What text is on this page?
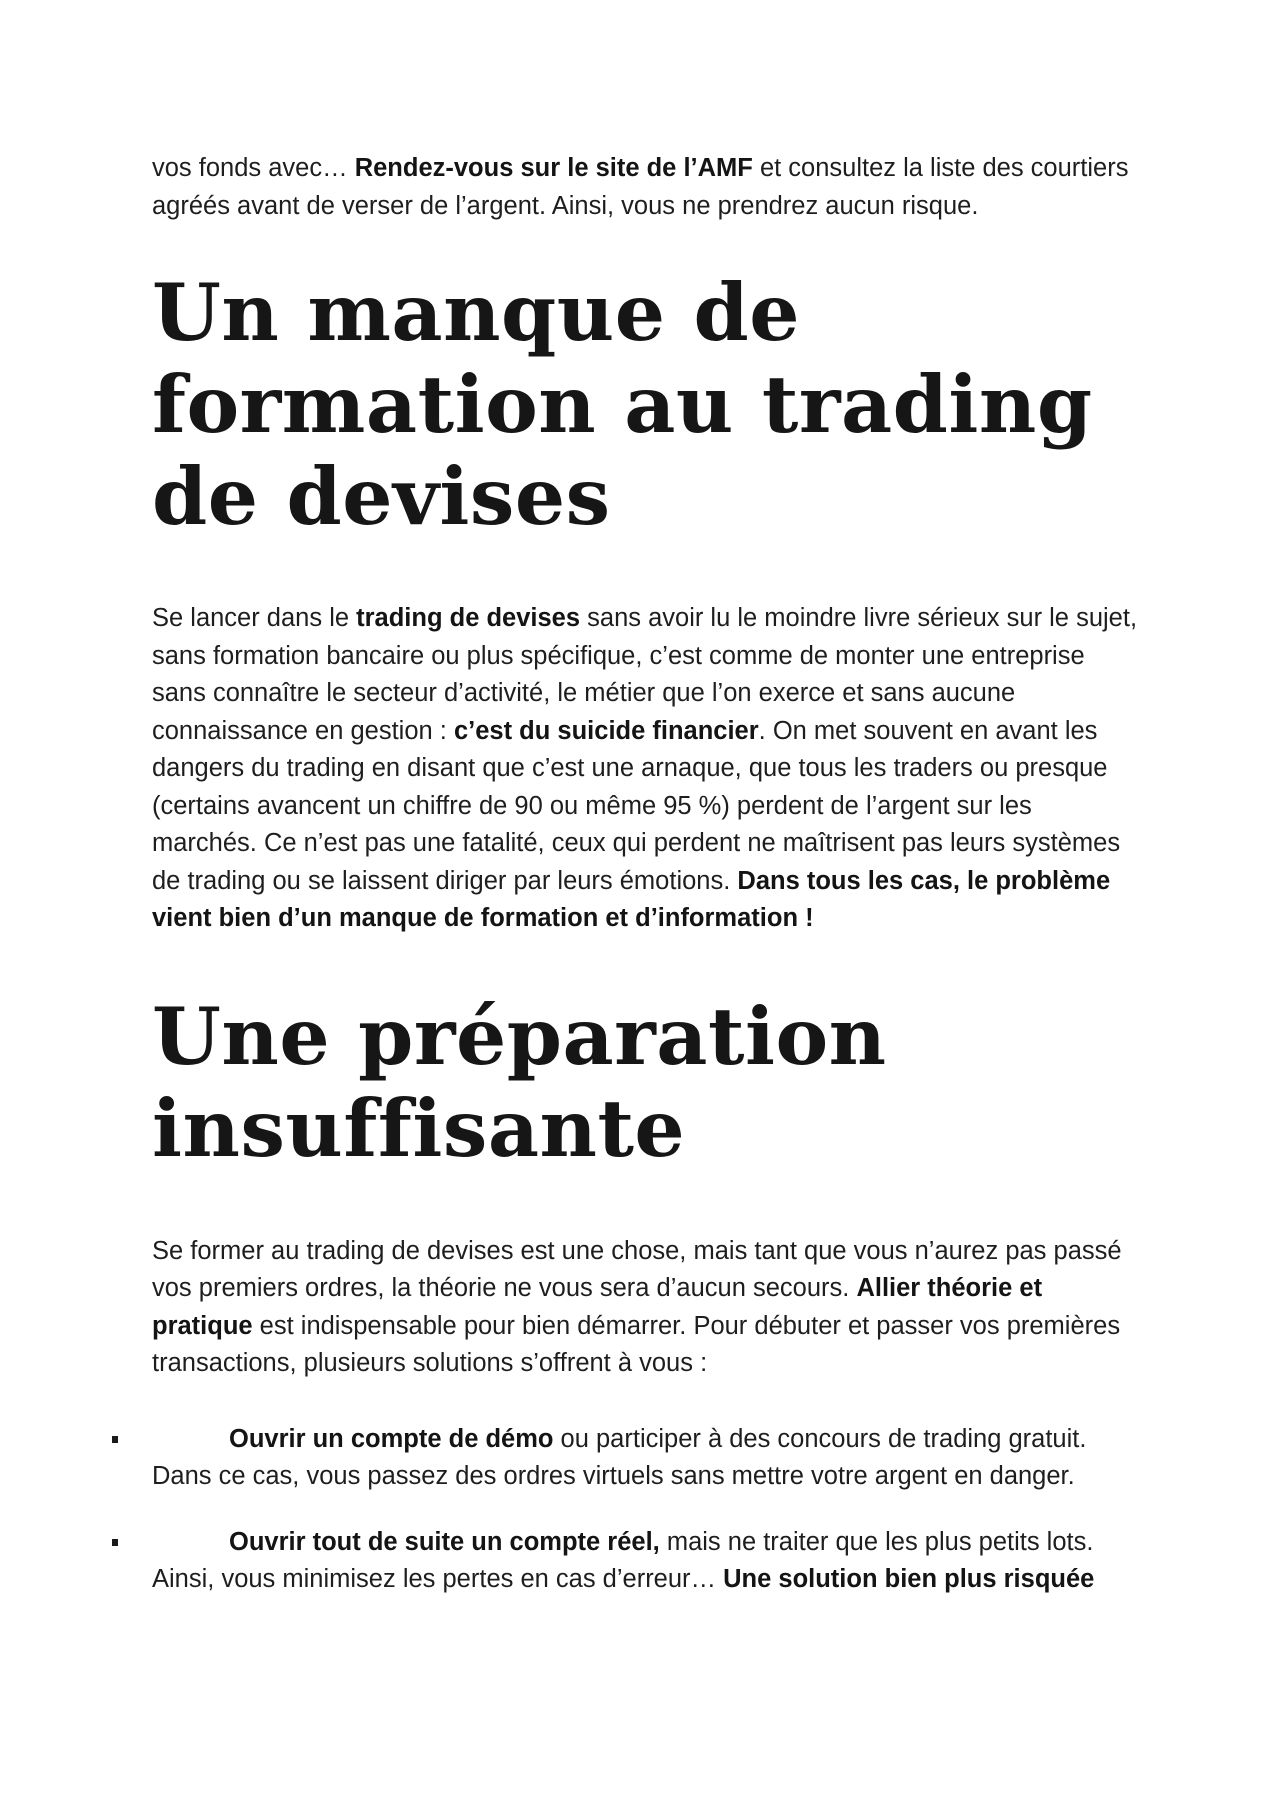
vos fonds avec… Rendez-vous sur le site de l’AMF et consultez la liste des courtiers agréés avant de verser de l’argent. Ainsi, vous ne prendrez aucun risque.

Un manque de formation au trading de devises

Se lancer dans le trading de devises sans avoir lu le moindre livre sérieux sur le sujet, sans formation bancaire ou plus spécifique, c’est comme de monter une entreprise sans connaître le secteur d’activité, le métier que l’on exerce et sans aucune connaissance en gestion : c’est du suicide financier. On met souvent en avant les dangers du trading en disant que c’est une arnaque, que tous les traders ou presque (certains avancent un chiffre de 90 ou même 95 %) perdent de l’argent sur les marchés. Ce n’est pas une fatalité, ceux qui perdent ne maîtrisent pas leurs systèmes de trading ou se laissent diriger par leurs émotions. Dans tous les cas, le problème vient bien d’un manque de formation et d’information !

Une préparation insuffisante

Se former au trading de devises est une chose, mais tant que vous n’aurez pas passé vos premiers ordres, la théorie ne vous sera d’aucun secours. Allier théorie et pratique est indispensable pour bien démarrer. Pour débuter et passer vos premières transactions, plusieurs solutions s’offrent à vous :

Ouvrir un compte de démo ou participer à des concours de trading gratuit. Dans ce cas, vous passez des ordres virtuels sans mettre votre argent en danger.
Ouvrir tout de suite un compte réel, mais ne traiter que les plus petits lots. Ainsi, vous minimisez les pertes en cas d’erreur… Une solution bien plus risquée
